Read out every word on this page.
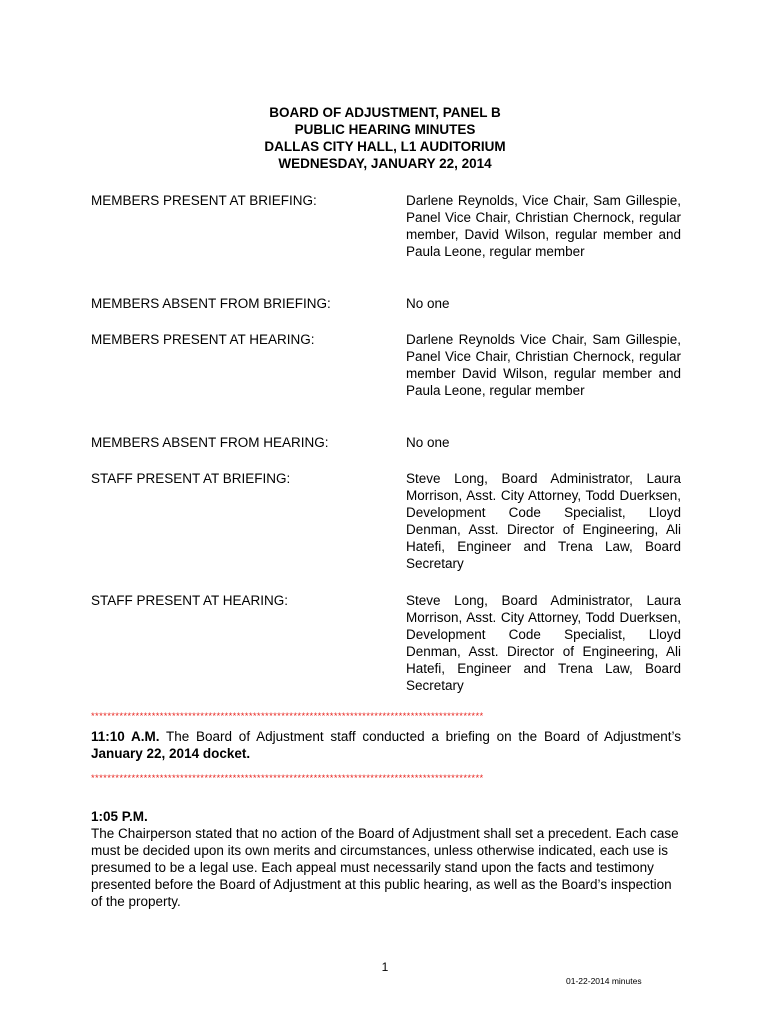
BOARD OF ADJUSTMENT, PANEL B
PUBLIC HEARING MINUTES
DALLAS CITY HALL, L1 AUDITORIUM
WEDNESDAY, JANUARY 22, 2014
MEMBERS PRESENT AT BRIEFING:	Darlene Reynolds, Vice Chair, Sam Gillespie, Panel Vice Chair, Christian Chernock, regular member, David Wilson, regular member and Paula Leone, regular member
MEMBERS ABSENT FROM BRIEFING:	No one
MEMBERS PRESENT AT HEARING:	Darlene Reynolds Vice Chair, Sam Gillespie, Panel Vice Chair, Christian Chernock, regular member David Wilson, regular member and Paula Leone, regular member
MEMBERS ABSENT FROM HEARING:	No one
STAFF PRESENT AT BRIEFING:	Steve Long, Board Administrator, Laura Morrison, Asst. City Attorney, Todd Duerksen, Development Code Specialist, Lloyd Denman, Asst. Director of Engineering, Ali Hatefi, Engineer and Trena Law, Board Secretary
STAFF PRESENT AT HEARING:	Steve Long, Board Administrator, Laura Morrison, Asst. City Attorney, Todd Duerksen, Development Code Specialist, Lloyd Denman, Asst. Director of Engineering, Ali Hatefi, Engineer and Trena Law, Board Secretary
*************************************************************************************************
11:10 A.M. The Board of Adjustment staff conducted a briefing on the Board of Adjustment’s January 22, 2014 docket.
*************************************************************************************************
1:05 P.M.
The Chairperson stated that no action of the Board of Adjustment shall set a precedent. Each case must be decided upon its own merits and circumstances, unless otherwise indicated, each use is presumed to be a legal use. Each appeal must necessarily stand upon the facts and testimony presented before the Board of Adjustment at this public hearing, as well as the Board’s inspection of the property.
1
01-22-2014 minutes
